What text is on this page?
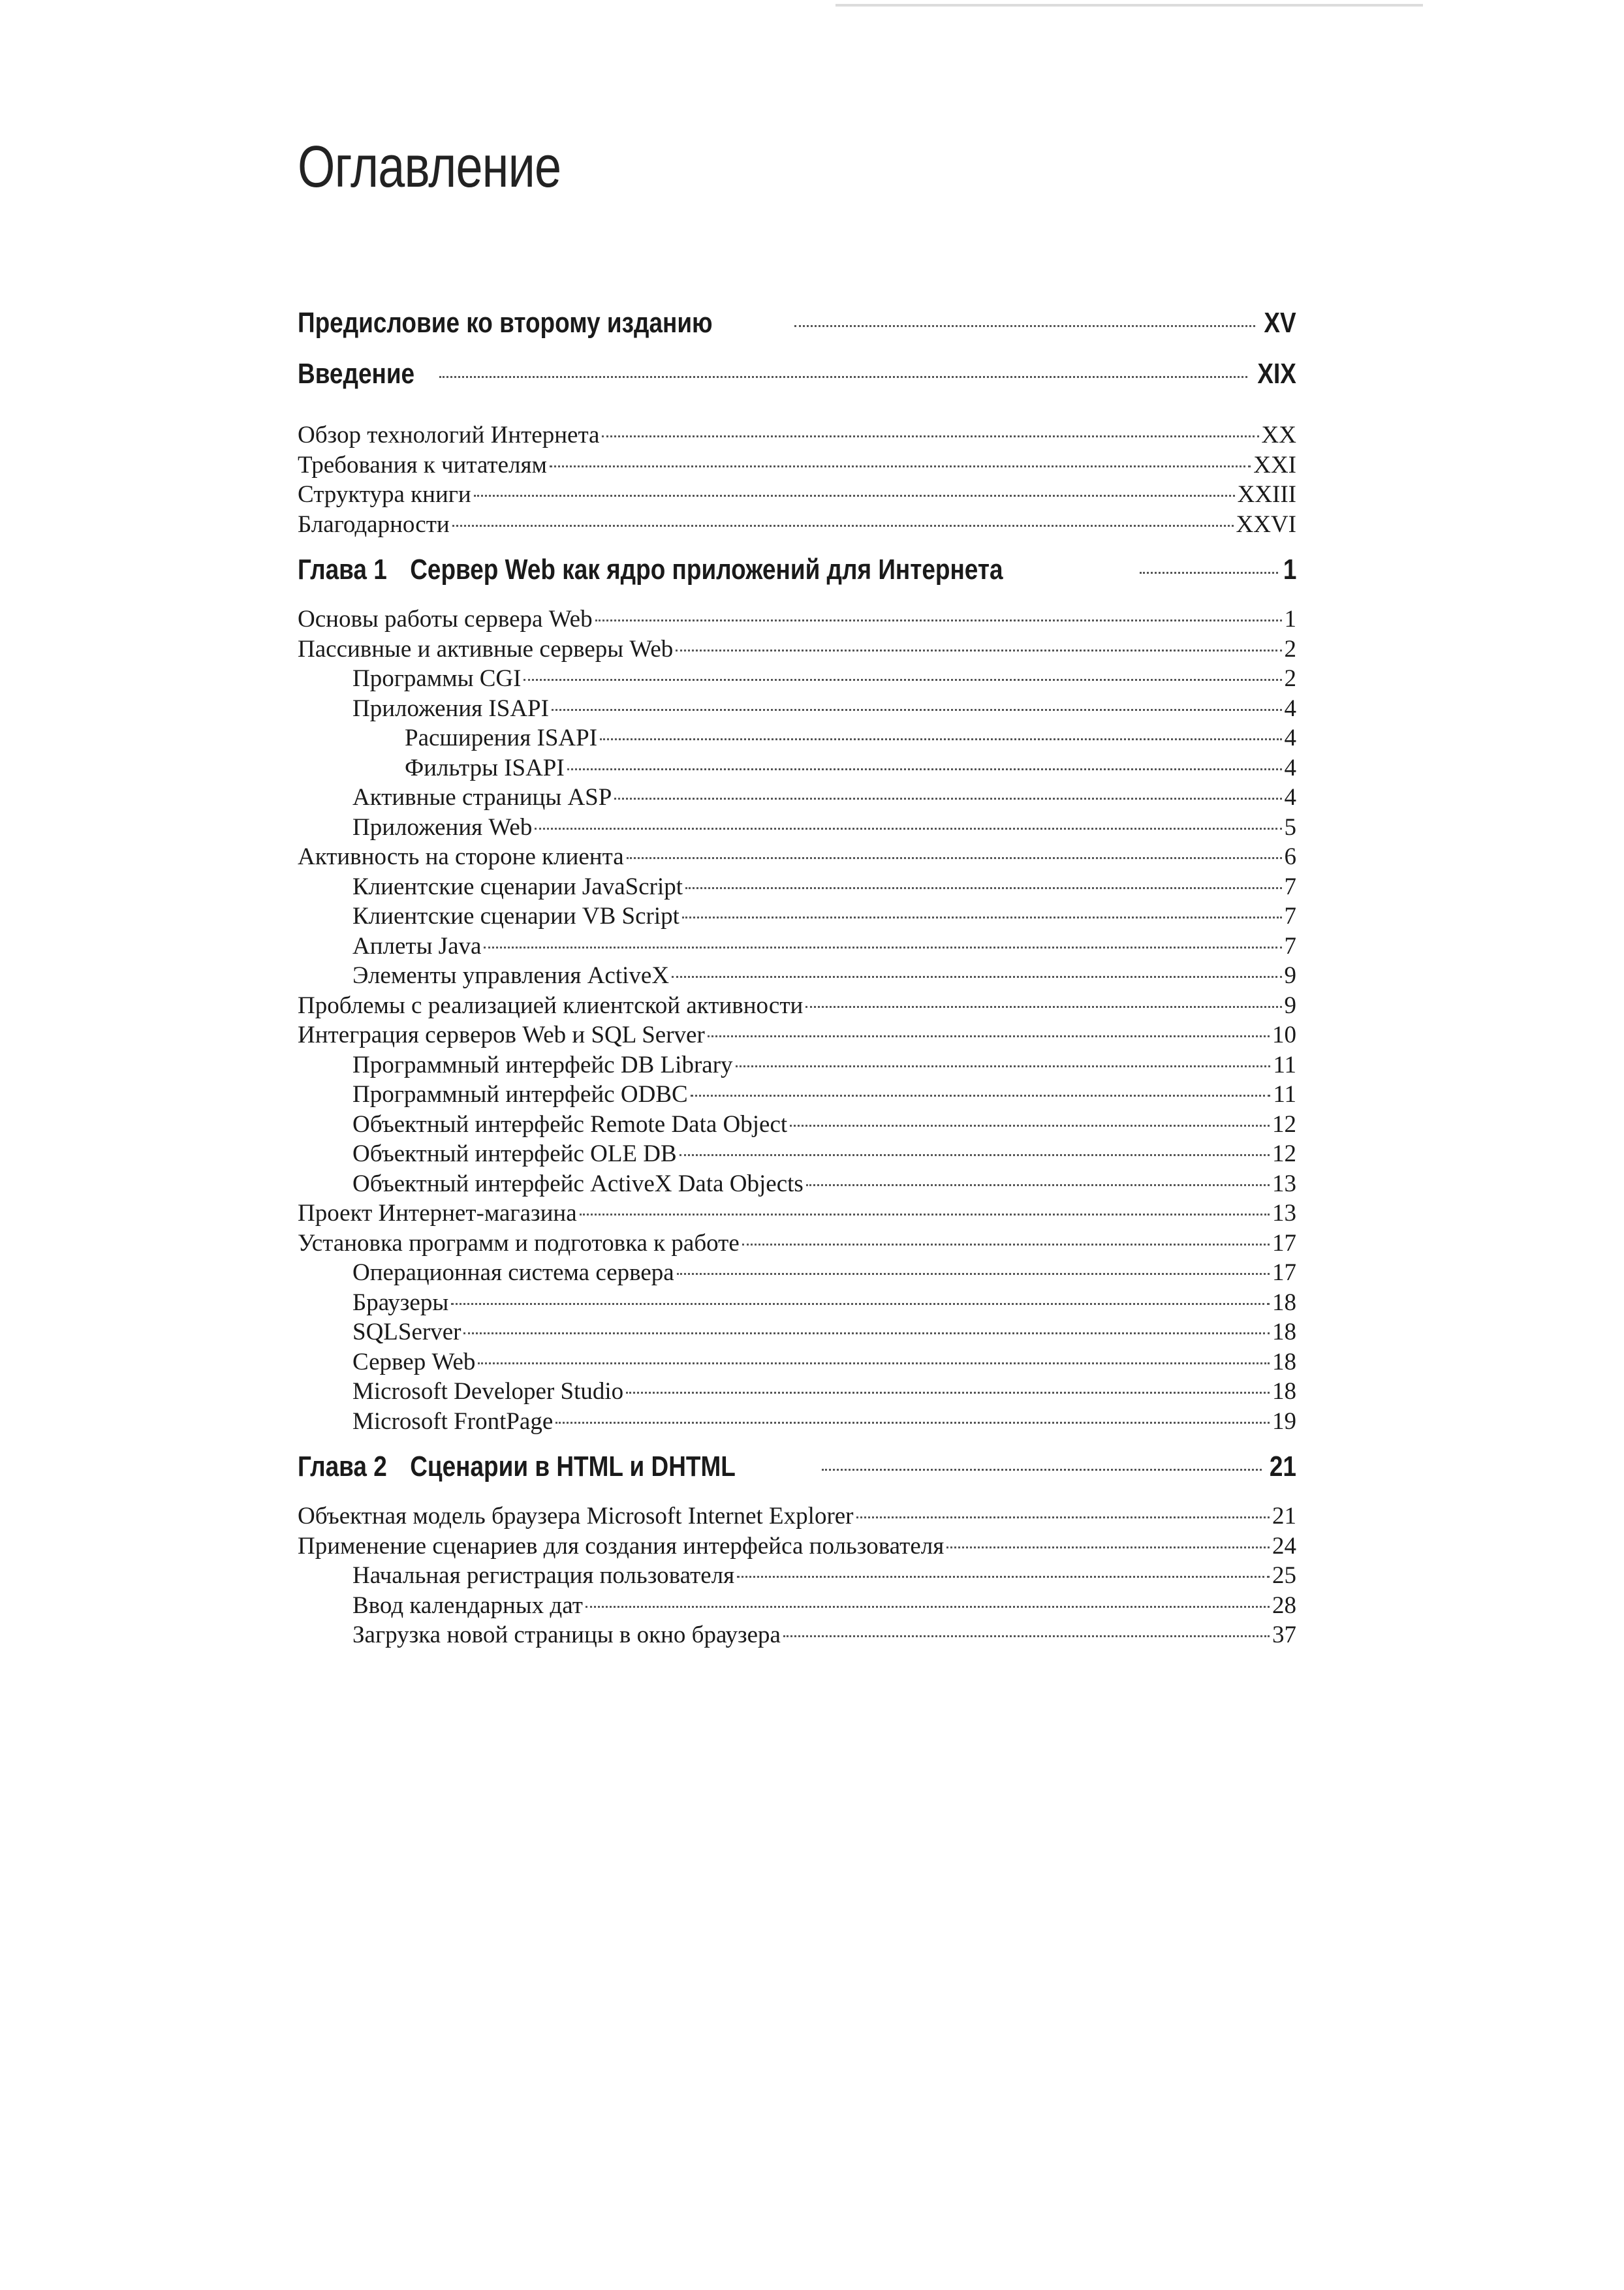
Оглавление
Предисловие ко второму изданию	XV
Введение	XIX
Обзор технологий Интернета	XX
Требования к читателям	XXI
Структура книги	XXIII
Благодарности	XXVI
Глава 1 Сервер Web как ядро приложений для Интернета	1
Основы работы сервера Web	1
Пассивные и активные серверы Web	2
Программы CGI	2
Приложения ISAPI	4
Расширения ISAPI	4
Фильтры ISAPI	4
Активные страницы ASP	4
Приложения Web	5
Активность на стороне клиента	6
Клиентские сценарии JavaScript	7
Клиентские сценарии VB Script	7
Аплеты Java	7
Элементы управления ActiveX	9
Проблемы с реализацией клиентской активности	9
Интеграция серверов Web и SQL Server	10
Программный интерфейс DB Library	11
Программный интерфейс ODBC	11
Объектный интерфейс Remote Data Object	12
Объектный интерфейс OLE DB	12
Объектный интерфейс ActiveX Data Objects	13
Проект Интернет-магазина	13
Установка программ и подготовка к работе	17
Операционная система сервера	17
Браузеры	18
SQLServer	18
Сервер Web	18
Microsoft Developer Studio	18
Microsoft FrontPage	19
Глава 2 Сценарии в HTML и DHTML	21
Объектная модель браузера Microsoft Internet Explorer	21
Применение сценариев для создания интерфейса пользователя	24
Начальная регистрация пользователя	25
Ввод календарных дат	28
Загрузка новой страницы в окно браузера	37
